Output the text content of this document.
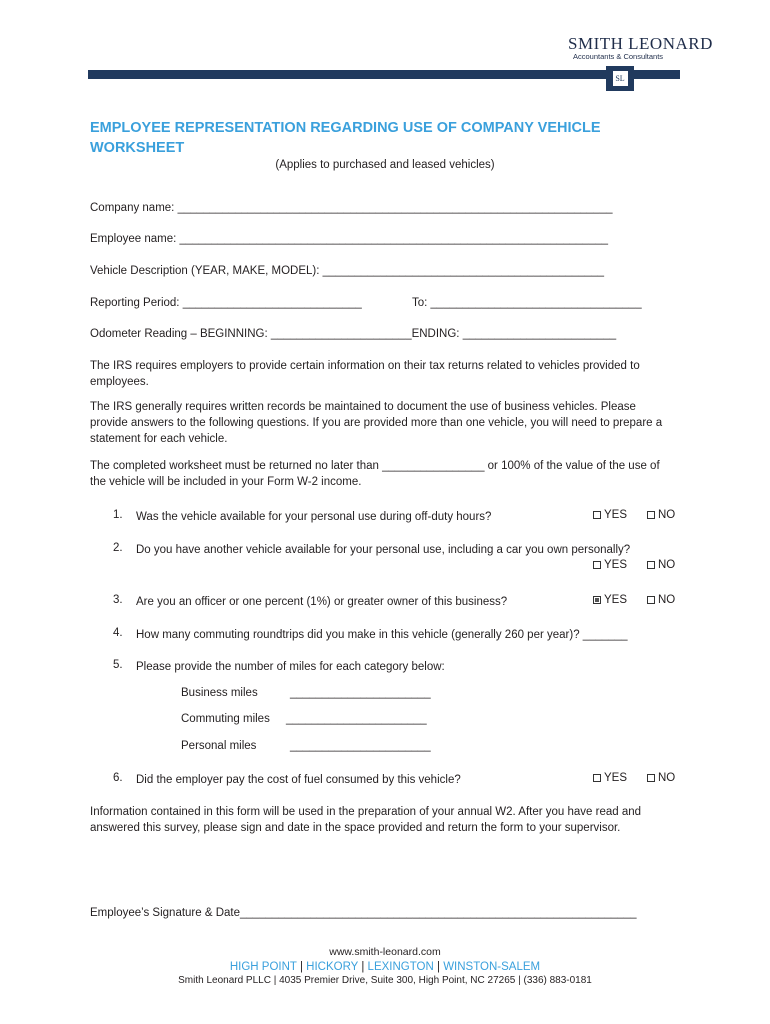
SMITH LEONARD
Accountants & Consultants
SL
EMPLOYEE REPRESENTATION REGARDING USE OF COMPANY VEHICLE
WORKSHEET
(Applies to purchased and leased vehicles)
Company name: ____________________________________________________________________
Employee name: ___________________________________________________________________
Vehicle Description (YEAR, MAKE, MODEL): ____________________________________________
Reporting Period: ____________________________	To: _________________________________
Odometer Reading – BEGINNING: ______________________ENDING: ________________________
The IRS requires employers to provide certain information on their tax returns related to vehicles provided to employees.
The IRS generally requires written records be maintained to document the use of business vehicles. Please provide answers to the following questions. If you are provided more than one vehicle, you will need to prepare a statement for each vehicle.
The completed worksheet must be returned no later than ________________ or 100% of the value of the use of the vehicle will be included in your Form W-2 income.
1. Was the vehicle available for your personal use during off-duty hours?	YES	NO
2. Do you have another vehicle available for your personal use, including a car you own personally?
YES	NO
3. Are you an officer or one percent (1%) or greater owner of this business?	YES	NO
4. How many commuting roundtrips did you make in this vehicle (generally 260 per year)? _______
5. Please provide the number of miles for each category below:
Business miles	______________________
Commuting miles ______________________
Personal miles	______________________
6. Did the employer pay the cost of fuel consumed by this vehicle?	YES	NO
Information contained in this form will be used in the preparation of your annual W2. After you have read and answered this survey, please sign and date in the space provided and return the form to your supervisor.
Employee’s Signature & Date______________________________________________________________
www.smith-leonard.com
HIGH POINT | HICKORY | LEXINGTON | WINSTON-SALEM
Smith Leonard PLLC | 4035 Premier Drive, Suite 300, High Point, NC 27265 | (336) 883-0181
